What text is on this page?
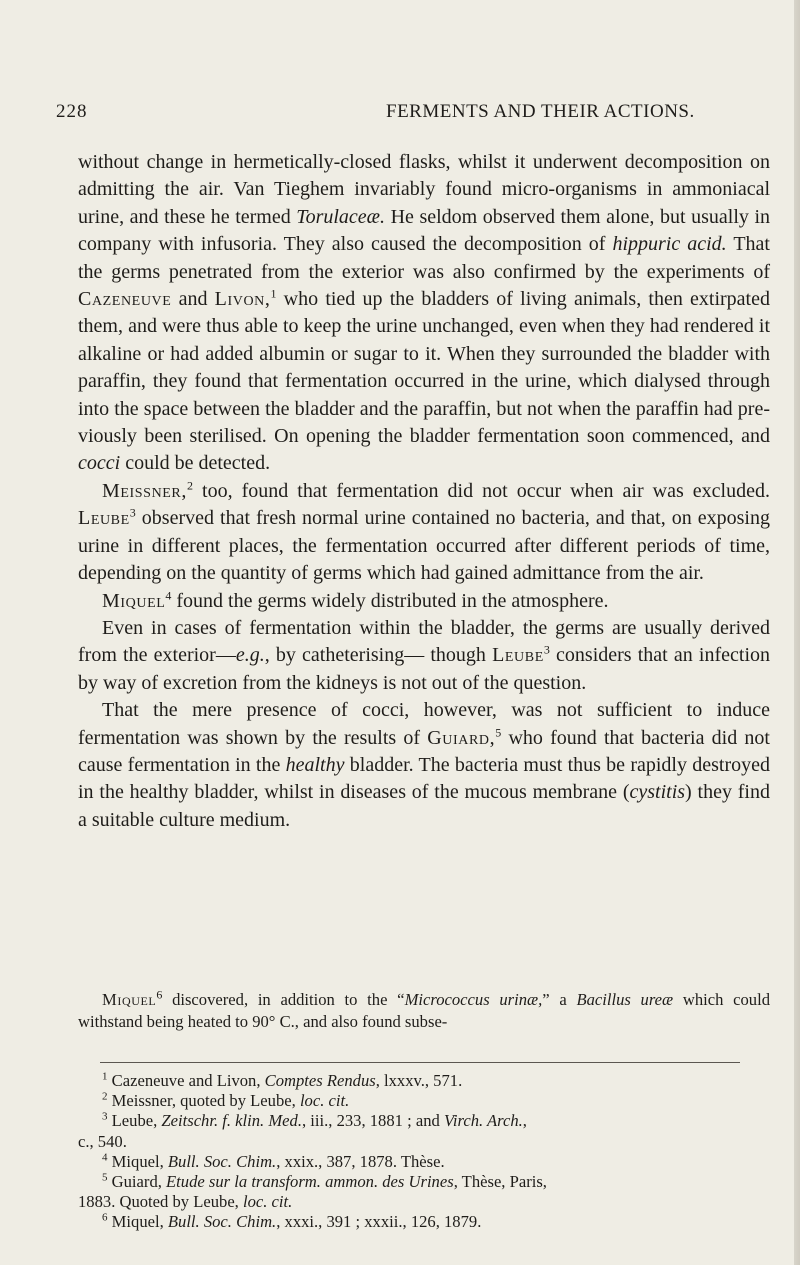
228	FERMENTS AND THEIR ACTIONS.

without change in hermetically-closed flasks, whilst it underwent decomposition on admitting the air. Van Tieghem invariably found micro-organisms in ammoniacal urine, and these he termed Torulaceæ. He seldom observed them alone, but usually in company with infusoria. They also caused the decomposition of hippuric acid. That the germs penetrated from the exterior was also confirmed by the experiments of Cazeneuve and Livon,$^1$ who tied up the bladders of living animals, then extirpated them, and were thus able to keep the urine unchanged, even when they had rendered it alkaline or had added albumin or sugar to it. When they surrounded the bladder with paraffin, they found that fermentation occurred in the urine, which dialysed through into the space between the bladder and the paraffin, but not when the paraffin had previously been sterilised. On opening the bladder fermentation soon commenced, and cocci could be detected.

Meissner,$^2$ too, found that fermentation did not occur when air was excluded. Leube$^3$ observed that fresh normal urine contained no bacteria, and that, on exposing urine in different places, the fermentation occurred after different periods of time, depending on the quantity of germs which had gained admittance from the air.

Miquel$^4$ found the germs widely distributed in the atmosphere.

Even in cases of fermentation within the bladder, the germs are usually derived from the exterior—e.g., by catheterising— though Leube$^3$ considers that an infection by way of excretion from the kidneys is not out of the question.

That the mere presence of cocci, however, was not sufficient to induce fermentation was shown by the results of Guiard,$^5$ who found that bacteria did not cause fermentation in the healthy bladder. The bacteria must thus be rapidly destroyed in the healthy bladder, whilst in diseases of the mucous membrane (cystitis) they find a suitable culture medium.

Miquel$^6$ discovered, in addition to the “Micrococcus urinæ,” a Bacillus ureæ which could withstand being heated to 90° C., and also found subse-

$^1$ Cazeneuve and Livon, Comptes Rendus, lxxxv., 571.

$^2$ Meissner, quoted by Leube, loc. cit.

$^3$ Leube, Zeitschr. f. klin. Med., iii., 233, 1881 ; and Virch. Arch.,

c., 540.

$^4$ Miquel, Bull. Soc. Chim., xxix., 387, 1878. Thèse.

$^5$ Guiard, Etude sur la transform. ammon. des Urines, Thèse, Paris,

1883. Quoted by Leube, loc. cit.

$^6$ Miquel, Bull. Soc. Chim., xxxi., 391 ; xxxii., 126, 1879.
